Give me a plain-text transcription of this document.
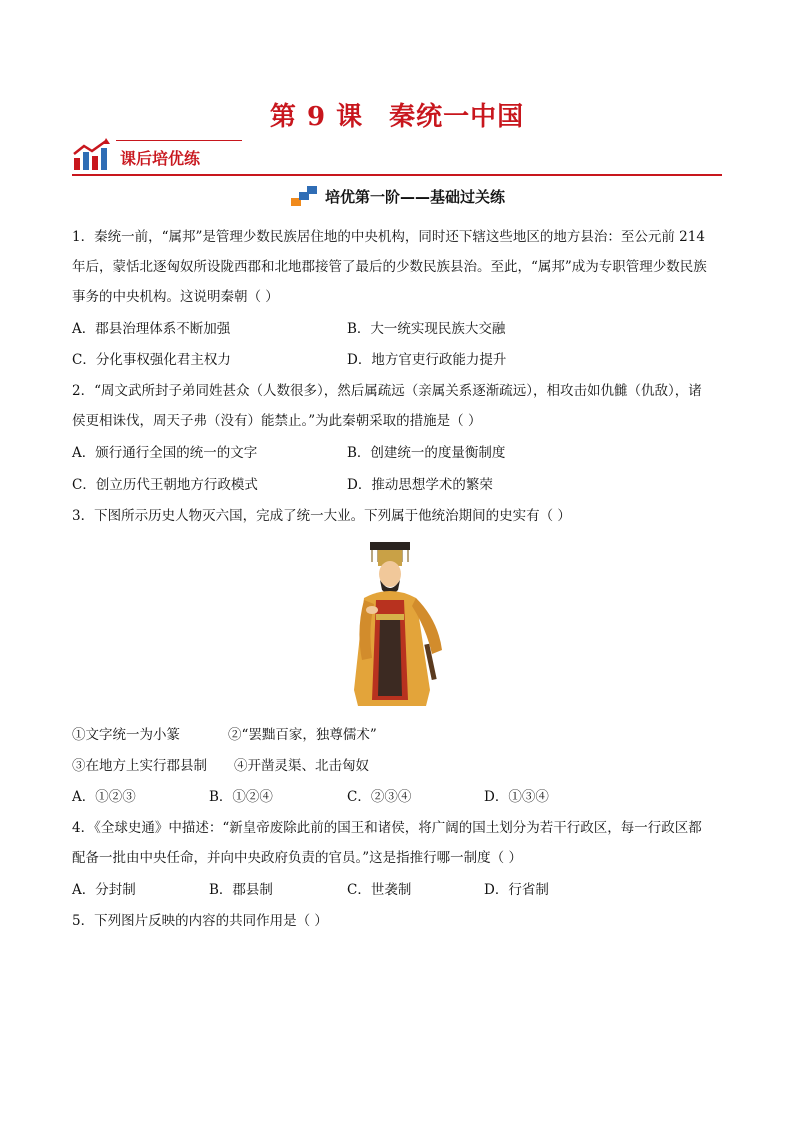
第 9 课 秦统一中国
课后培优练
培优第一阶——基础过关练
1．秦统一前，“属邦”是管理少数民族居住地的中央机构，同时还下辖这些地区的地方县治：至公元前 214
年后，蒙恬北逐匈奴所设陇西郡和北地郡接管了最后的少数民族县治。至此，“属邦”成为专职管理少数民族
事务的中央机构。这说明秦朝（ ）
A．郡县治理体系不断加强	B．大一统实现民族大交融
C．分化事权强化君主权力	D．地方官吏行政能力提升
2．“周文武所封子弟同姓甚众（人数很多），然后属疏远（亲属关系逐渐疏远），相攻击如仇雠（仇敌），诸
侯更相诛伐，周天子弗（没有）能禁止。”为此秦朝采取的措施是（ ）
A．颁行通行全国的统一的文字	B．创建统一的度量衡制度
C．创立历代王朝地方行政模式	D．推动思想学术的繁荣
3．下图所示历史人物灭六国，完成了统一大业。下列属于他统治期间的史实有（ ）
①文字统一为小篆	②“罢黜百家，独尊儒术”
③在地方上实行郡县制 ④开凿灵渠、北击匈奴
A．①②③	B．①②④	C．②③④	D．①③④
4．《全球史通》中描述：“新皇帝废除此前的国王和诸侯，将广阔的国土划分为若干行政区，每一行政区都
配备一批由中央任命，并向中央政府负责的官员。”这是指推行哪一制度（ ）
A．分封制	B．郡县制	C．世袭制	D．行省制
5．下列图片反映的内容的共同作用是（ ）
